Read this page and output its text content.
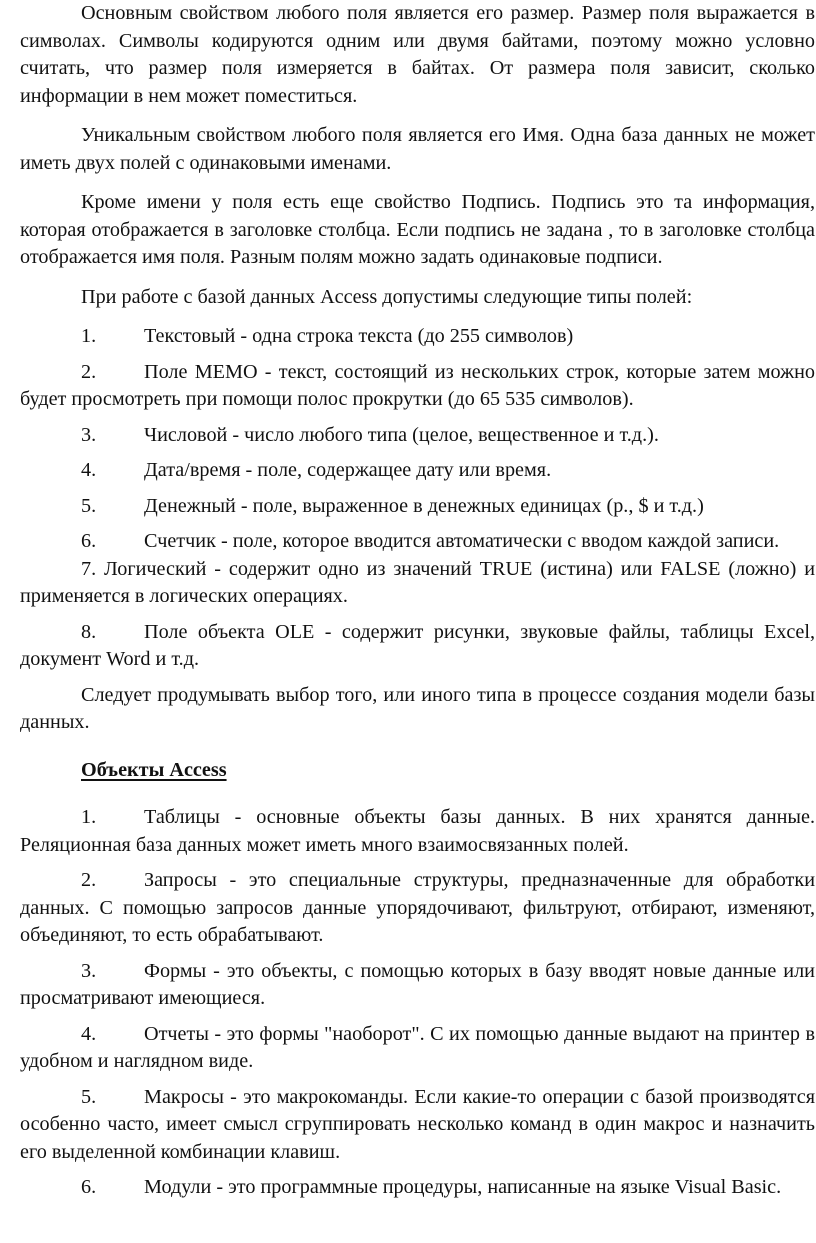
Основным свойством любого поля является его размер. Размер поля выражается в символах. Символы кодируются одним или двумя байтами, поэтому можно условно считать, что размер поля измеряется в байтах. От размера поля зависит, сколько информации в нем может поместиться.

Уникальным свойством любого поля является его Имя. Одна база данных не может иметь двух полей с одинаковыми именами.

Кроме имени у поля есть еще свойство Подпись. Подпись это та информация, которая отображается в заголовке столбца. Если подпись не задана , то в заголовке столбца отображается имя поля. Разным полям можно задать одинаковые подписи.

При работе с базой данных Access допустимы следующие типы полей:

1. Текстовый - одна строка текста (до 255 символов)

2. Поле МЕМО - текст, состоящий из нескольких строк, которые затем можно будет просмотреть при помощи полос прокрутки (до 65 535 символов).

3. Числовой - число любого типа (целое, вещественное и т.д.).

4. Дата/время - поле, содержащее дату или время.

5. Денежный - поле, выраженное в денежных единицах (р., $ и т.д.)

6. Счетчик - поле, которое вводится автоматически с вводом каждой записи.

7. Логический - содержит одно из значений TRUE (истина) или FALSE (ложно) и применяется в логических операциях.

8. Поле объекта OLE - содержит рисунки, звуковые файлы, таблицы Excel, документ Word и т.д.

Следует продумывать выбор того, или иного типа в процессе создания модели базы данных.

Объекты Access

1. Таблицы - основные объекты базы данных. В них хранятся данные. Реляционная база данных может иметь много взаимосвязанных полей.

2. Запросы - это специальные структуры, предназначенные для обработки данных. С помощью запросов данные упорядочивают, фильтруют, отбирают, изменяют, объединяют, то есть обрабатывают.

3. Формы - это объекты, с помощью которых в базу вводят новые данные или просматривают имеющиеся.

4. Отчеты - это формы "наоборот". С их помощью данные выдают на принтер в удобном и наглядном виде.

5. Макросы - это макрокоманды. Если какие-то операции с базой производятся особенно часто, имеет смысл сгруппировать несколько команд в один макрос и назначить его выделенной комбинации клавиш.

6. Модули - это программные процедуры, написанные на языке Visual Basic.
